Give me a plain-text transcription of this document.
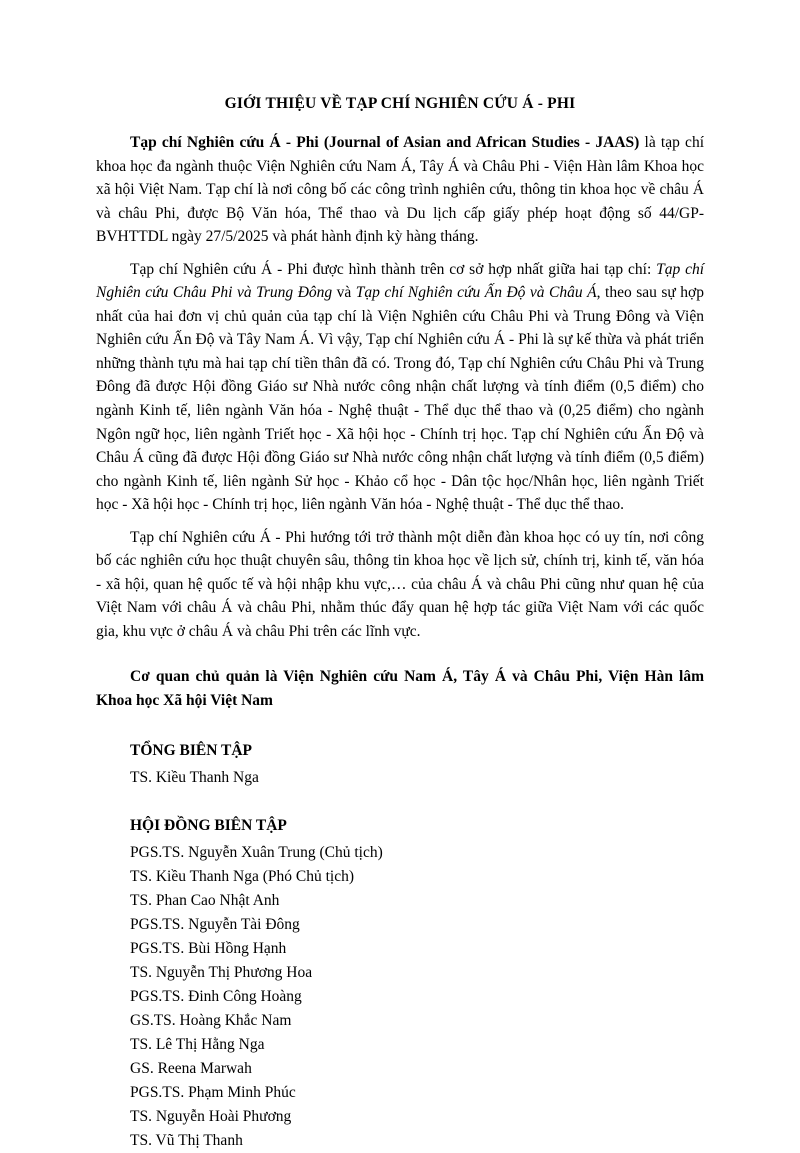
GIỚI THIỆU VỀ TẠP CHÍ NGHIÊN CỨU Á - PHI

Tạp chí Nghiên cứu Á - Phi (Journal of Asian and African Studies - JAAS) là tạp chí khoa học đa ngành thuộc Viện Nghiên cứu Nam Á, Tây Á và Châu Phi - Viện Hàn lâm Khoa học xã hội Việt Nam. Tạp chí là nơi công bố các công trình nghiên cứu, thông tin khoa học về châu Á và châu Phi, được Bộ Văn hóa, Thể thao và Du lịch cấp giấy phép hoạt động số 44/GP-BVHTTDL ngày 27/5/2025 và phát hành định kỳ hàng tháng.

Tạp chí Nghiên cứu Á - Phi được hình thành trên cơ sở hợp nhất giữa hai tạp chí: Tạp chí Nghiên cứu Châu Phi và Trung Đông và Tạp chí Nghiên cứu Ấn Độ và Châu Á, theo sau sự hợp nhất của hai đơn vị chủ quản của tạp chí là Viện Nghiên cứu Châu Phi và Trung Đông và Viện Nghiên cứu Ấn Độ và Tây Nam Á. Vì vậy, Tạp chí Nghiên cứu Á - Phi là sự kế thừa và phát triển những thành tựu mà hai tạp chí tiền thân đã có. Trong đó, Tạp chí Nghiên cứu Châu Phi và Trung Đông đã được Hội đồng Giáo sư Nhà nước công nhận chất lượng và tính điểm (0,5 điểm) cho ngành Kinh tế, liên ngành Văn hóa - Nghệ thuật - Thể dục thể thao và (0,25 điểm) cho ngành Ngôn ngữ học, liên ngành Triết học - Xã hội học - Chính trị học. Tạp chí Nghiên cứu Ấn Độ và Châu Á cũng đã được Hội đồng Giáo sư Nhà nước công nhận chất lượng và tính điểm (0,5 điểm) cho ngành Kinh tế, liên ngành Sử học - Khảo cổ học - Dân tộc học/Nhân học, liên ngành Triết học - Xã hội học - Chính trị học, liên ngành Văn hóa - Nghệ thuật - Thể dục thể thao.

Tạp chí Nghiên cứu Á - Phi hướng tới trở thành một diễn đàn khoa học có uy tín, nơi công bố các nghiên cứu học thuật chuyên sâu, thông tin khoa học về lịch sử, chính trị, kinh tế, văn hóa - xã hội, quan hệ quốc tế và hội nhập khu vực,… của châu Á và châu Phi cũng như quan hệ của Việt Nam với châu Á và châu Phi, nhằm thúc đẩy quan hệ hợp tác giữa Việt Nam với các quốc gia, khu vực ở châu Á và châu Phi trên các lĩnh vực.

Cơ quan chủ quản là Viện Nghiên cứu Nam Á, Tây Á và Châu Phi, Viện Hàn lâm Khoa học Xã hội Việt Nam

TỔNG BIÊN TẬP
TS. Kiều Thanh Nga
HỘI ĐỒNG BIÊN TẬP
PGS.TS. Nguyễn Xuân Trung (Chủ tịch)
TS. Kiều Thanh Nga (Phó Chủ tịch)
TS. Phan Cao Nhật Anh
PGS.TS. Nguyễn Tài Đông
PGS.TS. Bùi Hồng Hạnh
TS. Nguyễn Thị Phương Hoa
PGS.TS. Đinh Công Hoàng
GS.TS. Hoàng Khắc Nam
TS. Lê Thị Hằng Nga
GS. Reena Marwah
PGS.TS. Phạm Minh Phúc
TS. Nguyễn Hoài Phương
TS. Vũ Thị Thanh
